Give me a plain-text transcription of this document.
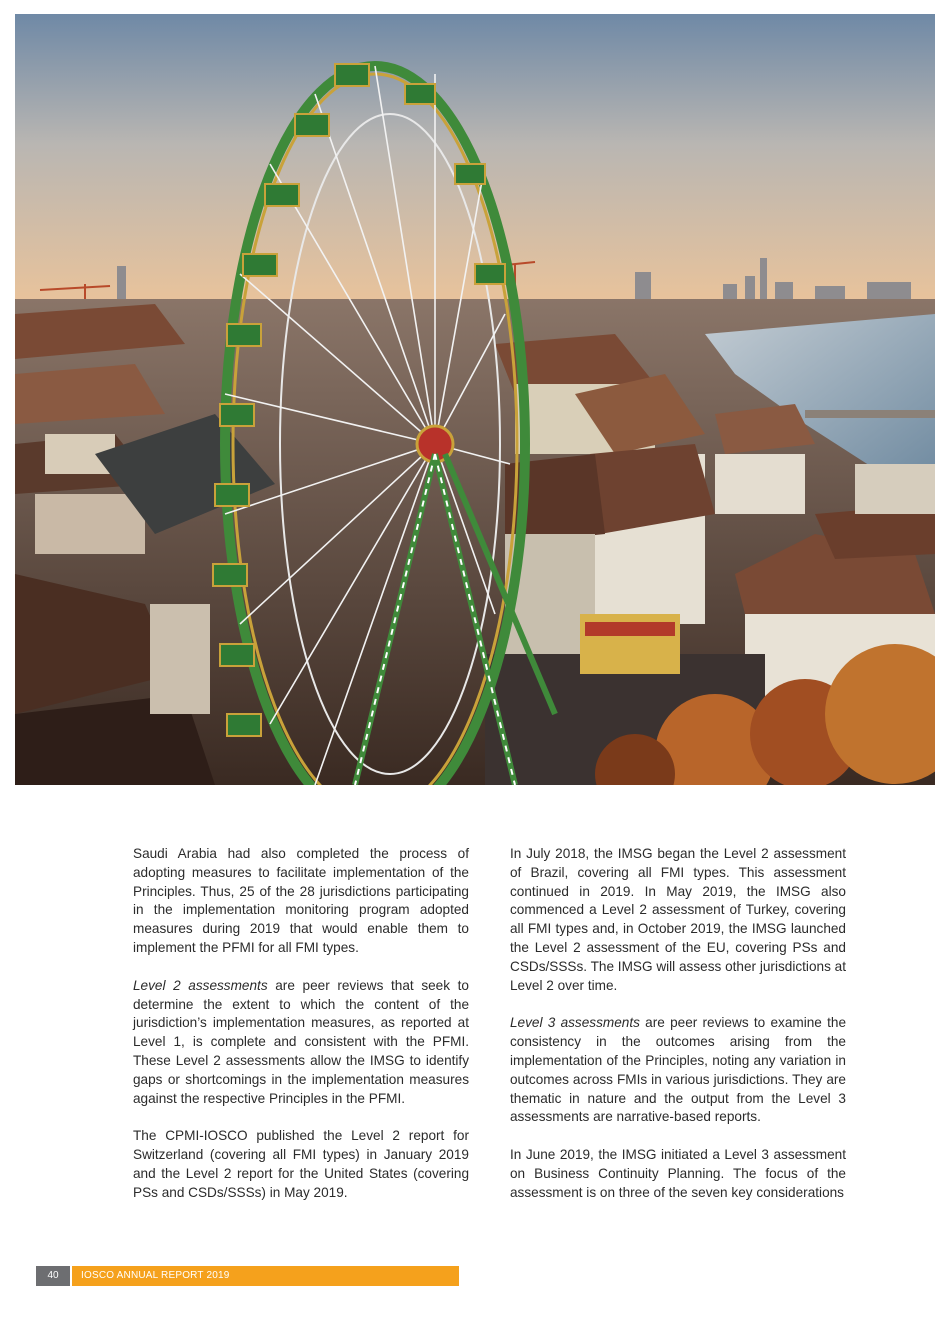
Saudi Arabia had also completed the process of adopting measures to facilitate implementation of the Principles. Thus, 25 of the 28 jurisdictions participating in the implementation monitoring program adopted measures during 2019 that would enable them to implement the PFMI for all FMI types.

Level 2 assessments are peer reviews that seek to determine the extent to which the content of the jurisdiction’s implementation measures, as reported at Level 1, is complete and consistent with the PFMI. These Level 2 assessments allow the IMSG to identify gaps or shortcomings in the implementation measures against the respective Principles in the PFMI.

The CPMI-IOSCO published the Level 2 report for Switzerland (covering all FMI types) in January 2019 and the Level 2 report for the United States (covering PSs and CSDs/SSSs) in May 2019.

In July 2018, the IMSG began the Level 2 assessment of Brazil, covering all FMI types. This assessment continued in 2019. In May 2019, the IMSG also commenced a Level 2 assessment of Turkey, covering all FMI types and, in October 2019, the IMSG launched the Level 2 assessment of the EU, covering PSs and CSDs/SSSs. The IMSG will assess other jurisdictions at Level 2 over time.

Level 3 assessments are peer reviews to examine the consistency in the outcomes arising from the implementation of the Principles, noting any variation in outcomes across FMIs in various jurisdictions. They are thematic in nature and the output from the Level 3 assessments are narrative-based reports.

In June 2019, the IMSG initiated a Level 3 assessment on Business Continuity Planning. The focus of the assessment is on three of the seven key considerations

40	IOSCO ANNUAL REPORT 2019
